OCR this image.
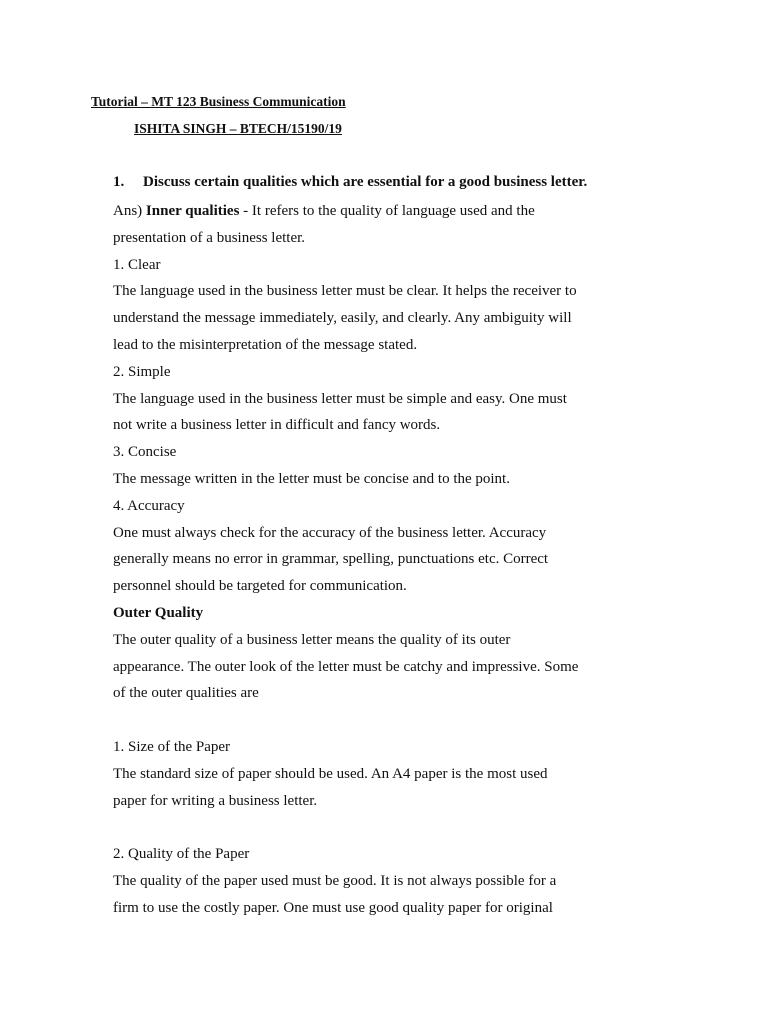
Tutorial – MT 123 Business Communication
ISHITA SINGH – BTECH/15190/19
1. Discuss certain qualities which are essential for a good business letter.

Ans) Inner qualities - It refers to the quality of language used and the

presentation of a business letter.

1. Clear

The language used in the business letter must be clear. It helps the receiver to

understand the message immediately, easily, and clearly. Any ambiguity will

lead to the misinterpretation of the message stated.

2. Simple

The language used in the business letter must be simple and easy. One must

not write a business letter in difficult and fancy words.

3. Concise

The message written in the letter must be concise and to the point.

4. Accuracy

One must always check for the accuracy of the business letter. Accuracy

generally means no error in grammar, spelling, punctuations etc. Correct

personnel should be targeted for communication.

Outer Quality

The outer quality of a business letter means the quality of its outer

appearance. The outer look of the letter must be catchy and impressive. Some

of the outer qualities are

1. Size of the Paper

The standard size of paper should be used. An A4 paper is the most used

paper for writing a business letter.

2. Quality of the Paper

The quality of the paper used must be good. It is not always possible for a

firm to use the costly paper. One must use good quality paper for original
